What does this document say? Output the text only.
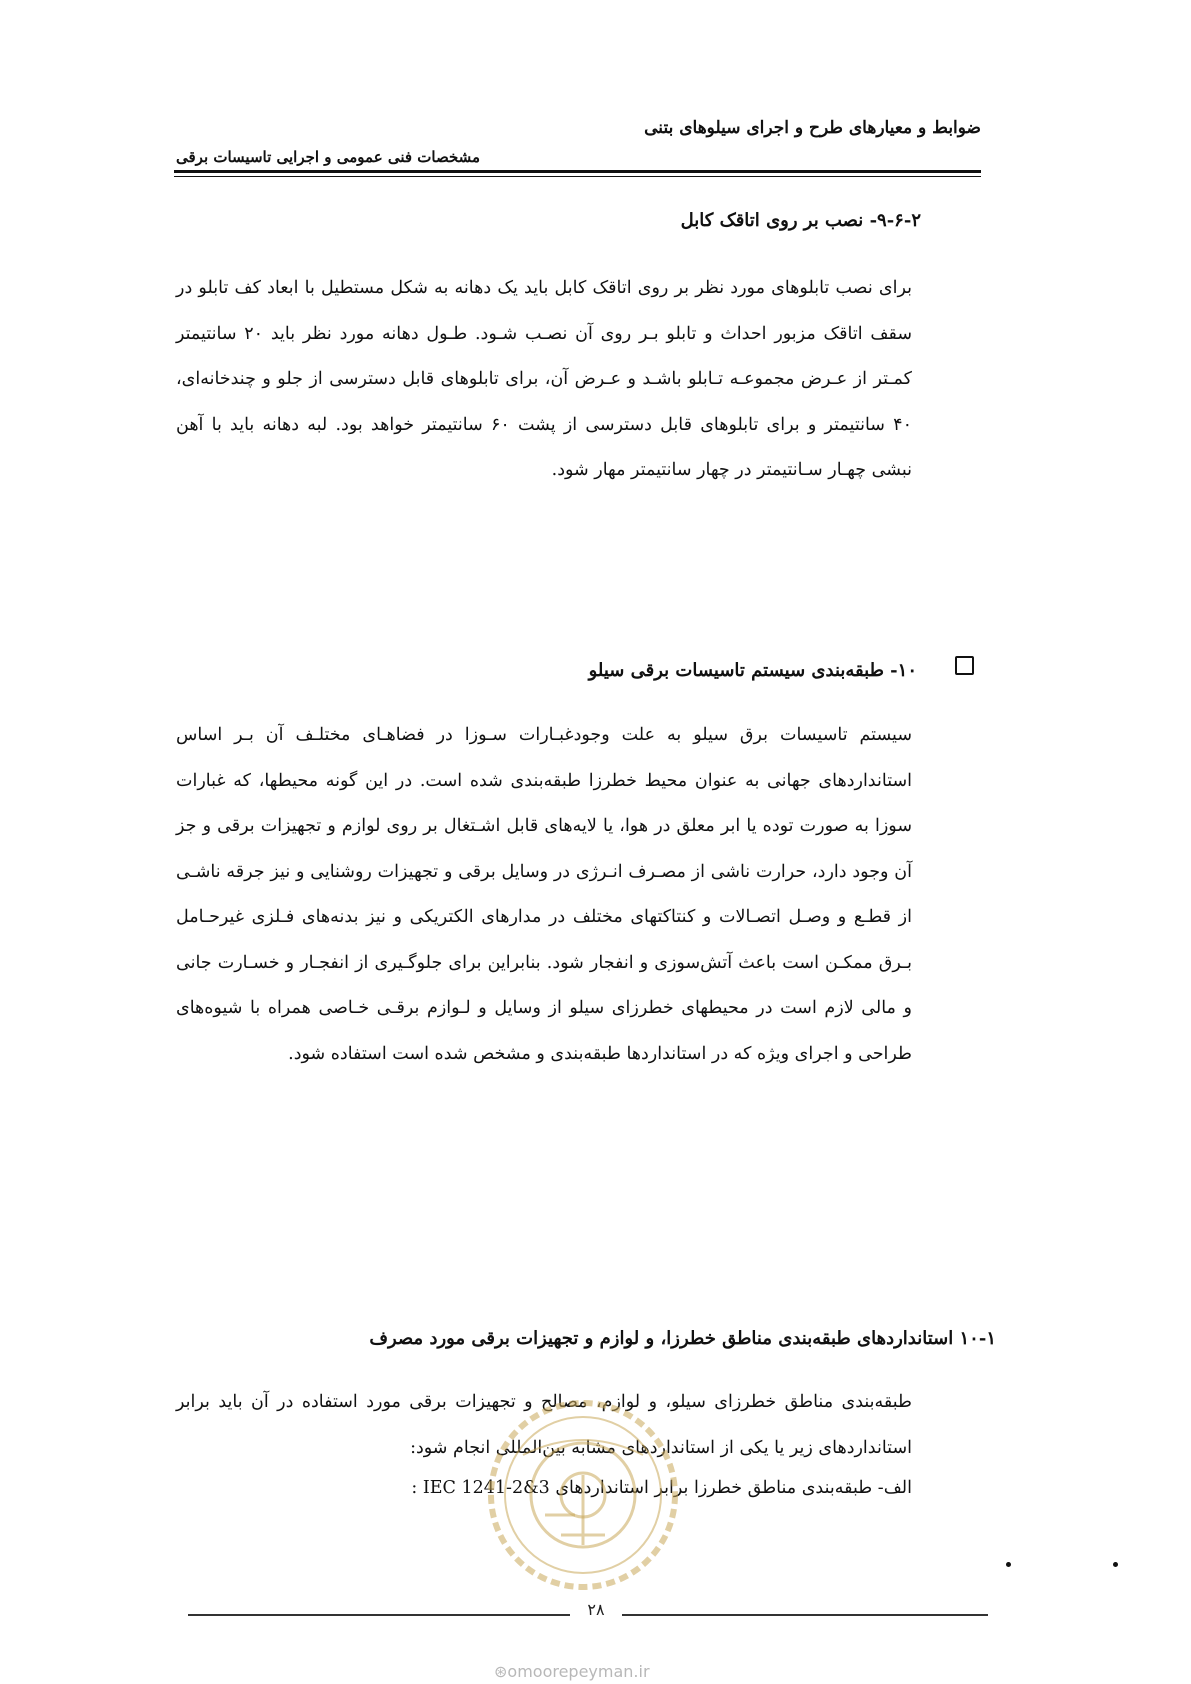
ضوابط و معیارهای طرح و اجرای سیلوهای بتنی
مشخصات فنی عمومی و اجرایی تاسیسات برقی
۹-۶-۲- نصب بر روی اتاقک کابل
برای نصب تابلوهای مورد نظر بر روی اتاقک کابل باید یک دهانه به شکل مستطیل با ابعاد کف تابلو در سقف اتاقک مزبور احداث و تابلو بـر روی آن نصـب شـود. طـول دهانه مورد نظر باید ۲۰ سانتیمتر کمـتر از عـرض مجموعـه تـابلو باشـد و عـرض آن، برای تابلوهای قابل دسترسی از جلو و چندخانه‌ای، ۴۰ سانتیمتر و برای تابلوهای قابل دسترسی از پشت ۶۰ سانتیمتر خواهد بود. لبه دهانه باید با آهن نبشی چهـار سـانتیمتر در چهار سانتیمتر مهار شود.
۱۰- طبقه‌بندی سیستم تاسیسات برقی سیلو
سیستم تاسیسات برق سیلو به علت وجودغبـارات سـوزا در فضاهـای مختلـف آن بـر اساس استانداردهای جهانی به عنوان محیط خطرزا طبقه‌بندی شده است. در این گونه محیطها، که غبارات سوزا به صورت توده یا ابر معلق در هوا، یا لایه‌های قابل اشـتغال بر روی لوازم و تجهیزات برقی و جز آن وجود دارد، حرارت ناشی از مصـرف انـرژی در وسایل برقی و تجهیزات روشنایی و نیز جرقه ناشـی از قطـع و وصـل اتصـالات و کنتاکتهای مختلف در مدارهای الکتریکی و نیز بدنه‌های فـلزی غیرحـامل بـرق ممکـن است باعث آتش‌سوزی و انفجار شود. بنابراین برای جلوگـیری از انفجـار و خسـارت جانی و مالی لازم است در محیطهای خطرزای سیلو از وسایل و لـوازم برقـی خـاصی همراه با شیوه‌های طراحی و اجرای ویژه که در استانداردها طبقه‌بندی و مشخص شده است استفاده شود.
۱۰-۱ استانداردهای طبقه‌بندی مناطق خطرزا، و لوازم و تجهیزات برقی مورد مصرف
طبقه‌بندی مناطق خطرزای سیلو، و لوازم، مصالح و تجهیزات برقی مورد استفاده در آن باید برابر استانداردهای زیر یا یکی از استانداردهای مشابه بین‌المللی انجام شود:
الف- طبقه‌بندی مناطق خطرزا برابر استانداردهای IEC 1241-2&3 :
۲۸
⊛omoorepeyman.ir
